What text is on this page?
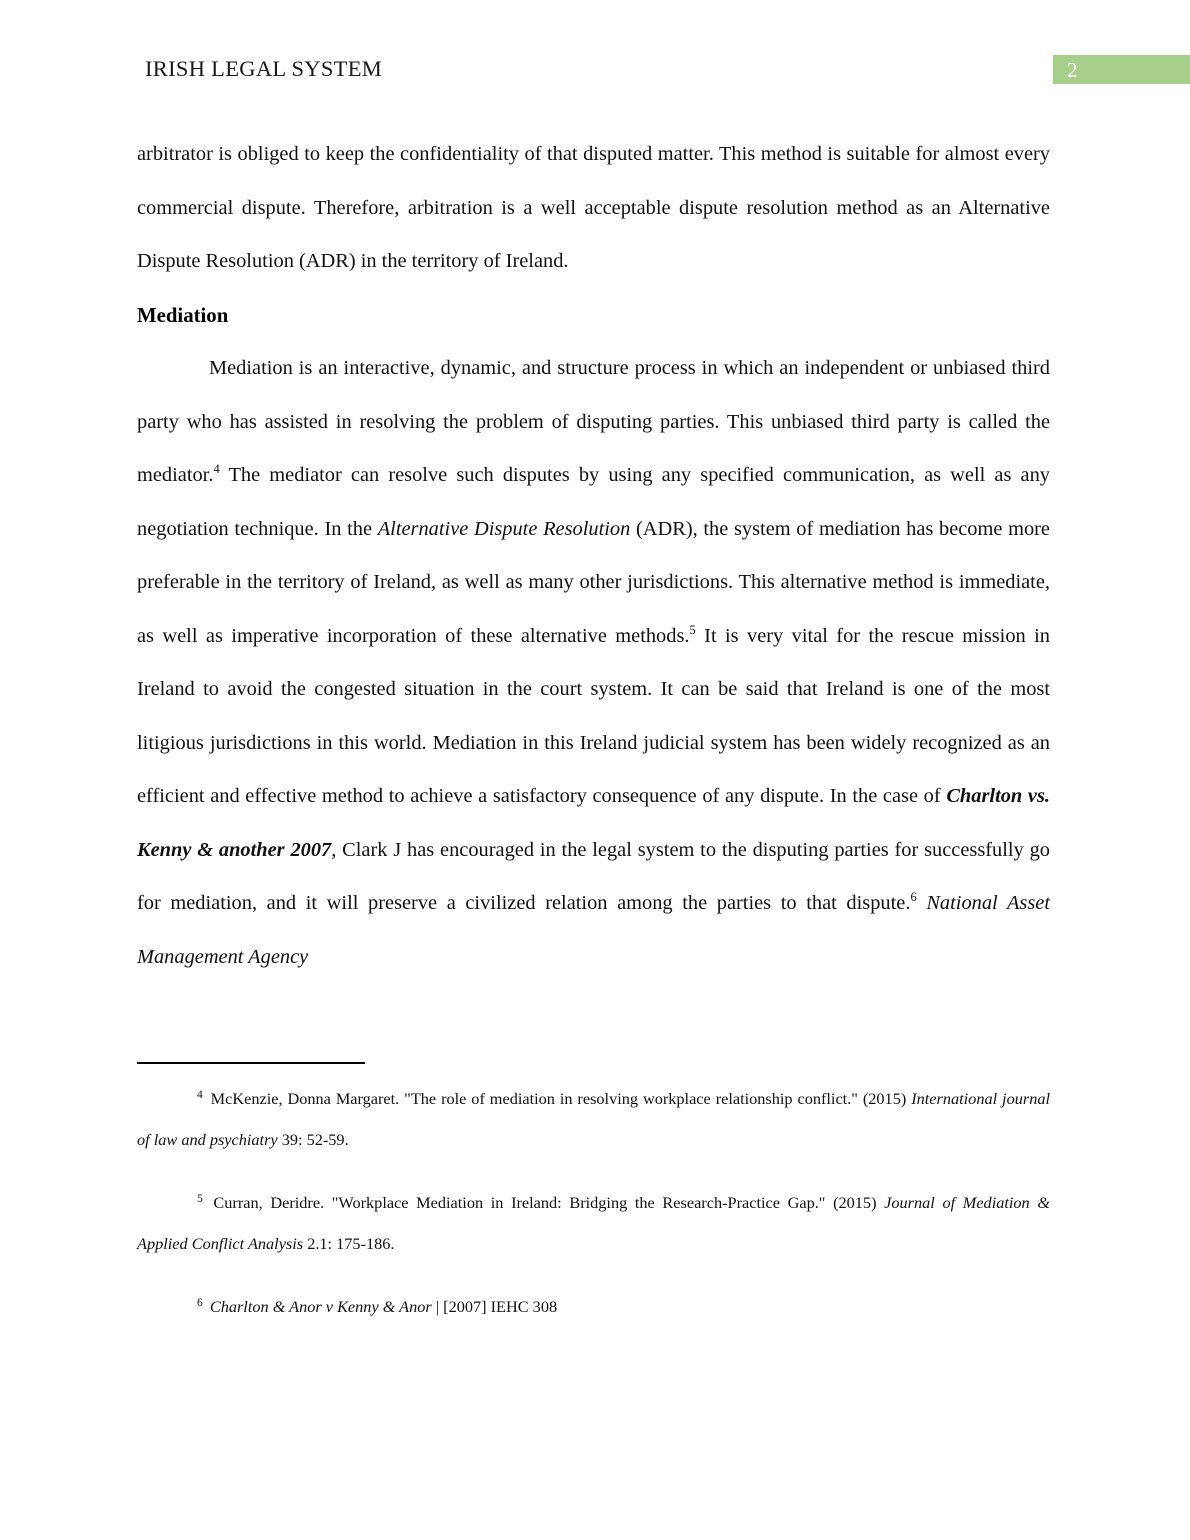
IRISH LEGAL SYSTEM	2

arbitrator is obliged to keep the confidentiality of that disputed matter. This method is suitable for almost every commercial dispute. Therefore, arbitration is a well acceptable dispute resolution method as an Alternative Dispute Resolution (ADR) in the territory of Ireland.

Mediation

Mediation is an interactive, dynamic, and structure process in which an independent or unbiased third party who has assisted in resolving the problem of disputing parties. This unbiased third party is called the mediator.$^4$ The mediator can resolve such disputes by using any specified communication, as well as any negotiation technique. In the Alternative Dispute Resolution (ADR), the system of mediation has become more preferable in the territory of Ireland, as well as many other jurisdictions. This alternative method is immediate, as well as imperative incorporation of these alternative methods.$^5$ It is very vital for the rescue mission in Ireland to avoid the congested situation in the court system. It can be said that Ireland is one of the most litigious jurisdictions in this world. Mediation in this Ireland judicial system has been widely recognized as an efficient and effective method to achieve a satisfactory consequence of any dispute. In the case of Charlton vs. Kenny & another 2007, Clark J has encouraged in the legal system to the disputing parties for successfully go for mediation, and it will preserve a civilized relation among the parties to that dispute.$^6$ National Asset Management Agency

$^4$ McKenzie, Donna Margaret. "The role of mediation in resolving workplace relationship conflict." (2015) International journal of law and psychiatry 39: 52-59.

$^5$ Curran, Deridre. "Workplace Mediation in Ireland: Bridging the Research-Practice Gap." (2015) Journal of Mediation & Applied Conflict Analysis 2.1: 175-186.

$^6$ Charlton & Anor v Kenny & Anor | [2007] IEHC 308
